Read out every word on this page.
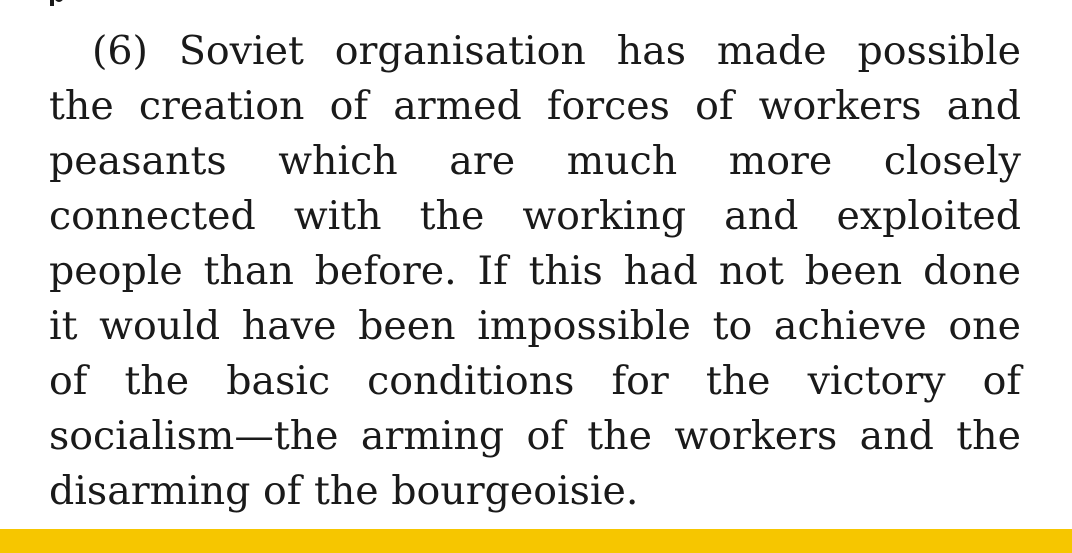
(6) Soviet organisation has made possible
the creation of armed forces of workers and
peasants which are much more closely
connected with the working and exploited
people than before. If this had not been done
it would have been impossible to achieve one
of the basic conditions for the victory of
socialism—the arming of the workers and the
disarming of the bourgeoisie.
